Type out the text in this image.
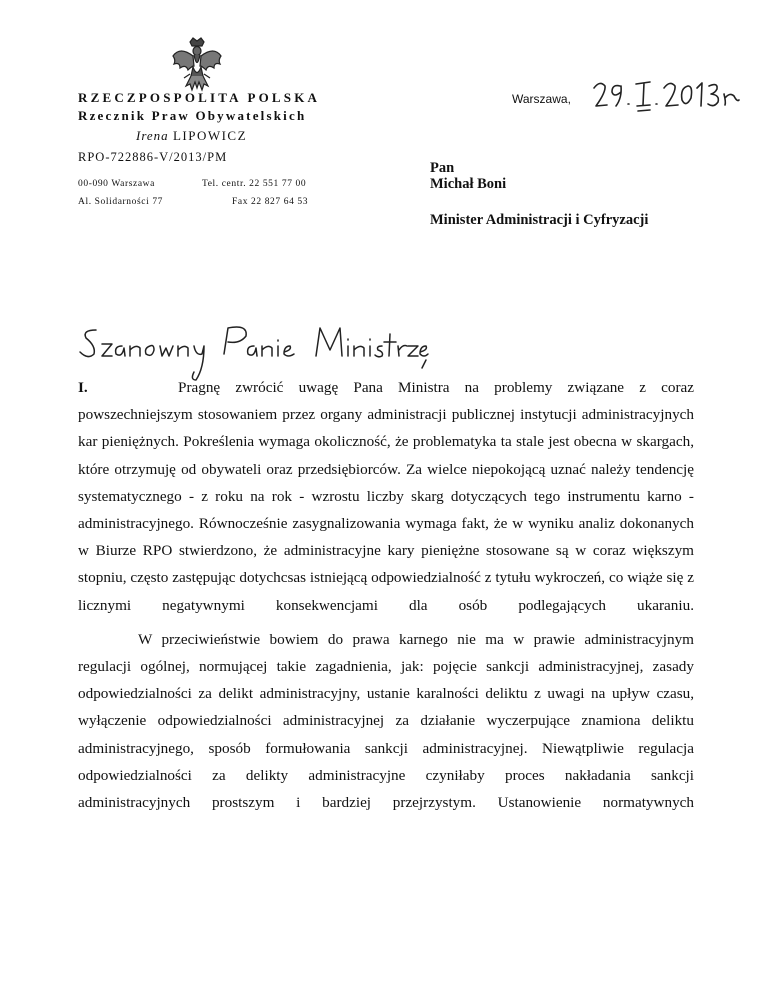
RZECZPOSPOLITA POLSKA
Rzecznik Praw Obywatelskich
Irena LIPOWICZ
RPO-722886-V/2013/PM
00-090 Warszawa
Al. Solidarności 77
Tel. centr. 22 551 77 00
Fax 22 827 64 53
Warszawa,
Pan
Michał Boni
Minister Administracji i Cyfryzacji

I.	Pragnę zwrócić uwagę Pana Ministra na problemy związane z coraz powszechniejszym stosowaniem przez organy administracji publicznej instytucji administracyjnych kar pieniężnych. Pokreślenia wymaga okoliczność, że problematyka ta stale jest obecna w skargach, które otrzymuję od obywateli oraz przedsiębiorców. Za wielce niepokojącą uznać należy tendencję systematycznego - z roku na rok - wzrostu liczby skarg dotyczących tego instrumentu karno - administracyjnego. Równocześnie zasygnalizowania wymaga fakt, że w wyniku analiz dokonanych w Biurze RPO stwierdzono, że administracyjne kary pieniężne stosowane są w coraz większym stopniu, często zastępując dotychcsas istniejącą odpowiedzialność z tytułu wykroczeń, co wiąże się z licznymi negatywnymi konsekwencjami dla osób podlegających ukaraniu.

W przeciwieństwie bowiem do prawa karnego nie ma w prawie administracyjnym regulacji ogólnej, normującej takie zagadnienia, jak: pojęcie sankcji administracyjnej, zasady odpowiedzialności za delikt administracyjny, ustanie karalności deliktu z uwagi na upływ czasu, wyłączenie odpowiedzialności administracyjnej za działanie wyczerpujące znamiona deliktu administracyjnego, sposób formułowania sankcji administracyjnej. Niewątpliwie regulacja odpowiedzialności za delikty administracyjne czyniłaby proces nakładania sankcji administracyjnych prostszym i bardziej przejrzystym. Ustanowienie normatywnych
